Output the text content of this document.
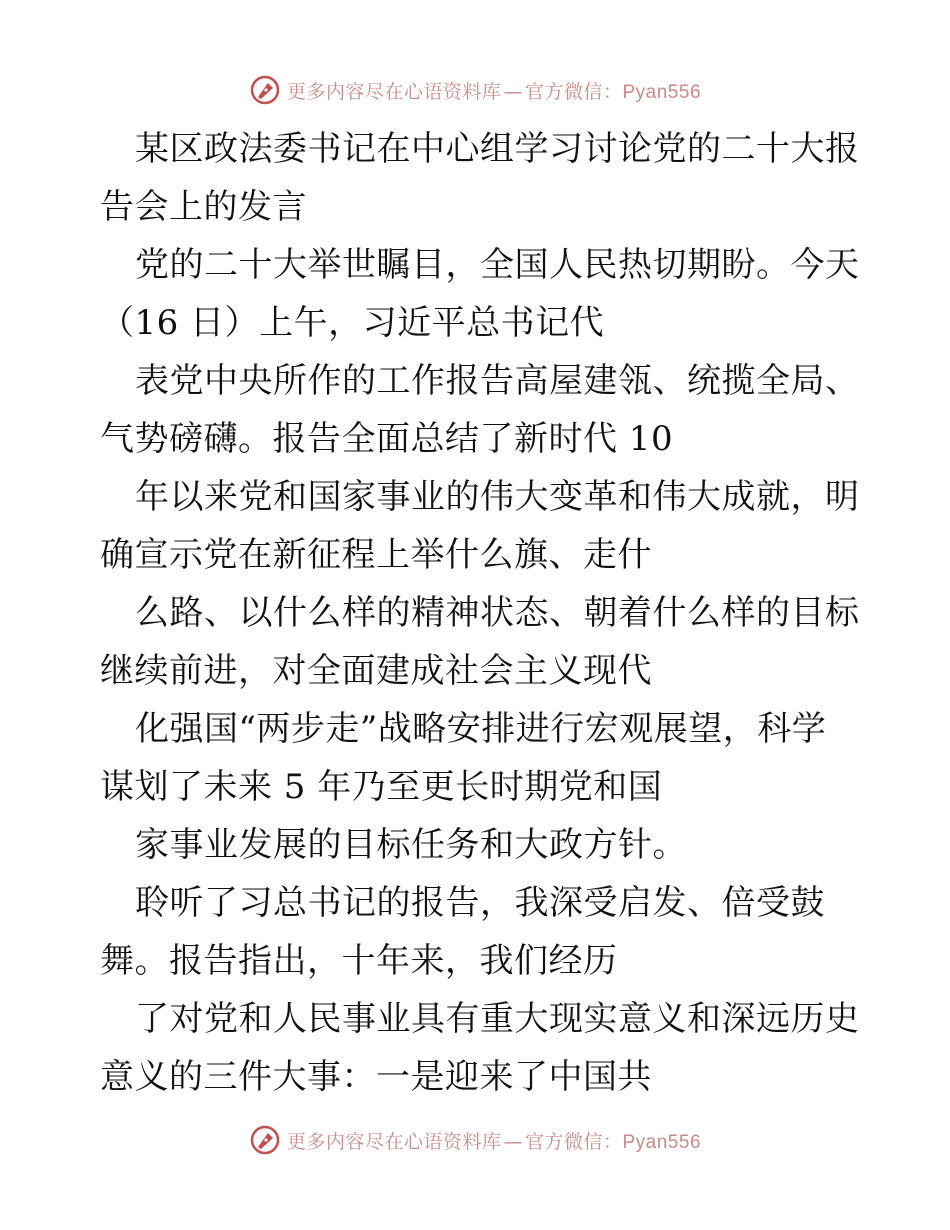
更多内容尽在心语资料库 — 官方微信：Pyan556
某区政法委书记在中心组学习讨论党的二十大报
告会上的发言
党的二十大举世瞩目，全国人民热切期盼。今天
（16 日）上午，习近平总书记代
表党中央所作的工作报告高屋建瓴、统揽全局、
气势磅礴。报告全面总结了新时代 10
年以来党和国家事业的伟大变革和伟大成就，明
确宣示党在新征程上举什么旗、走什
么路、以什么样的精神状态、朝着什么样的目标
继续前进，对全面建成社会主义现代
化强国“两步走”战略安排进行宏观展望，科学
谋划了未来 5 年乃至更长时期党和国
家事业发展的目标任务和大政方针。
聆听了习总书记的报告，我深受启发、倍受鼓
舞。报告指出，十年来，我们经历
了对党和人民事业具有重大现实意义和深远历史
意义的三件大事：一是迎来了中国共
更多内容尽在心语资料库 — 官方微信：Pyan556
